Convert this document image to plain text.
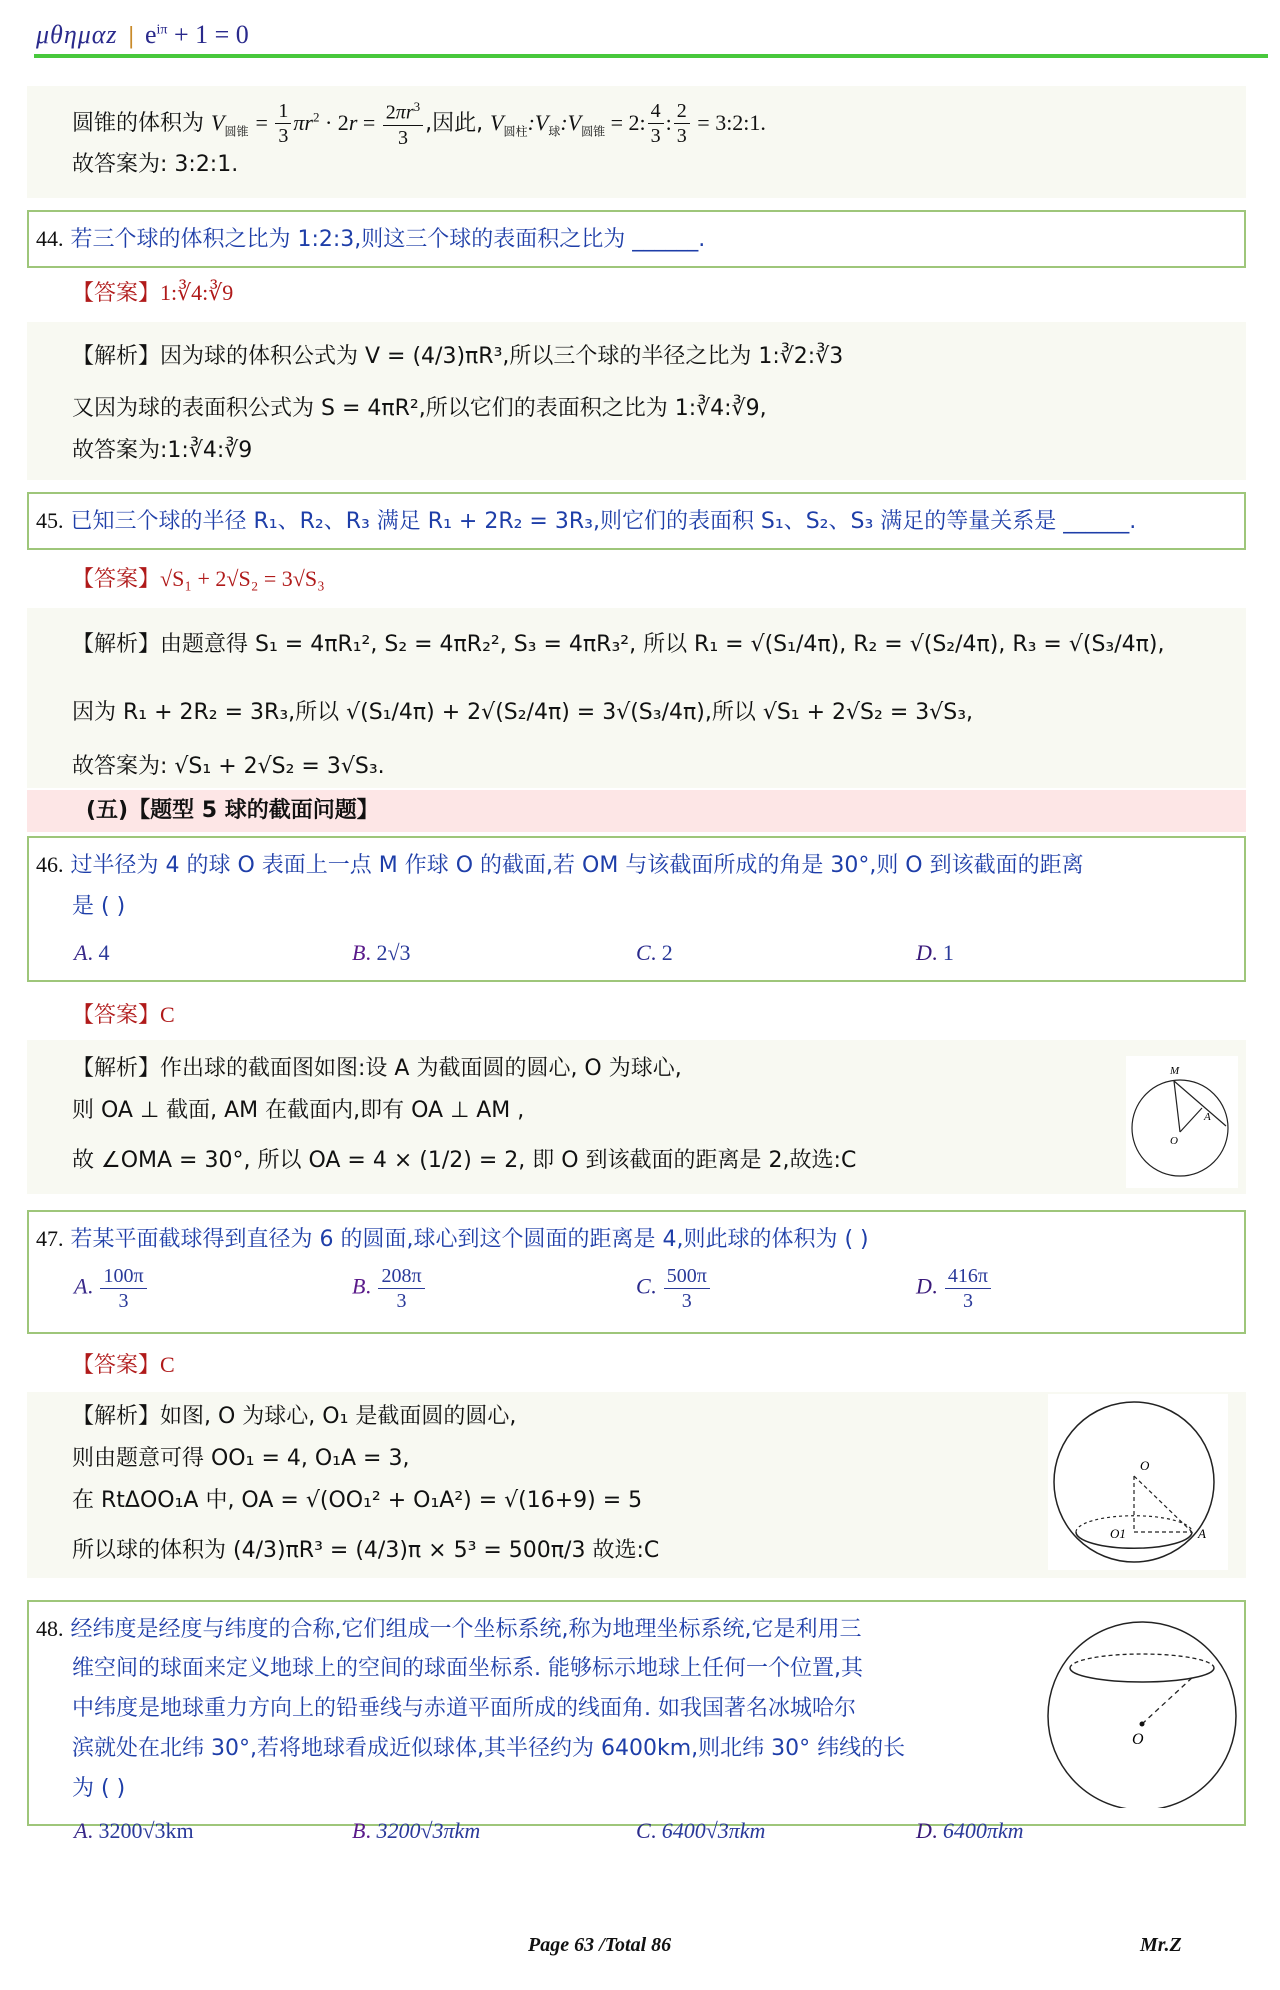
μθημαz | $e^{i\pi} + 1 = 0$
圆锥的体积为 $V_{圆锥} = \frac{1}{3} \pi r^2 \cdot 2r = \frac{2\pi r^3}{3}$ ,因此, $V_{圆柱}:V_球:V_{圆锥} = 2$: $\frac{4}{3}$ : $\frac{2}{3}$ = 3:2:1.
故答案为: 3:2:1.
44. 若三个球的体积之比为 1:2:3,则这三个球的表面积之比为 ______.
【答案】1:∛4:∛9
【解析】因为球的体积公式为 V = (4/3)πR³,所以三个球的半径之比为 1:∛2:∛3
又因为球的表面积公式为 S = 4πR²,所以它们的表面积之比为 1:∛4:∛9,
故答案为:1:∛4:∛9
45. 已知三个球的半径 R₁、R₂、R₃ 满足 R₁ + 2R₂ = 3R₃,则它们的表面积 S₁、S₂、S₃ 满足的等量关系是 ______.
【答案】√S₁ + 2√S₂ = 3√S₃
【解析】由题意得 S₁ = 4πR₁², S₂ = 4πR₂², S₃ = 4πR₃², 所以 R₁ = √(S₁/4π), R₂ = √(S₂/4π), R₃ = √(S₃/4π),
因为 R₁ + 2R₂ = 3R₃,所以 √(S₁/4π) + 2√(S₂/4π) = 3√(S₃/4π),所以 √S₁ + 2√S₂ = 3√S₃,
故答案为: √S₁ + 2√S₂ = 3√S₃.
(五)【题型 5 球的截面问题】
46. 过半径为 4 的球 O 表面上一点 M 作球 O 的截面,若 OM 与该截面所成的角是 30°,则 O 到该截面的距离
是 ( )
A. 4	B. 2√3	C. 2	D. 1
【答案】C
【解析】作出球的截面图如图:设 A 为截面圆的圆心, O 为球心,
则 OA ⊥ 截面, AM 在截面内,即有 OA ⊥ AM ,
故 ∠OMA = 30°, 所以 OA = 4 × (1/2) = 2, 即 O 到该截面的距离是 2,故选:C
M
A
O
47. 若某平面截球得到直径为 6 的圆面,球心到这个圆面的距离是 4,则此球的体积为 ( )
A. $\frac{100\pi}{3}$	B. $\frac{208\pi}{3}$	C. $\frac{500\pi}{3}$	D. $\frac{416\pi}{3}$
【答案】C
【解析】如图, O 为球心, O₁ 是截面圆的圆心,
则由题意可得 OO₁ = 4, O₁A = 3,
在 RtΔOO₁A 中, OA = √(OO₁² + O₁A²) = √(16+9) = 5
所以球的体积为 (4/3)πR³ = (4/3)π × 5³ = 500π/3 故选:C
O
O1	A
48. 经纬度是经度与纬度的合称,它们组成一个坐标系统,称为地理坐标系统,它是利用三
维空间的球面来定义地球上的空间的球面坐标系. 能够标示地球上任何一个位置,其
中纬度是地球重力方向上的铅垂线与赤道平面所成的线面角. 如我国著名冰城哈尔
滨就处在北纬 30°,若将地球看成近似球体,其半径约为 6400km,则北纬 30° 纬线的长
为 ( )
A. 3200√3km	B. 3200√3πkm	C. 6400√3πkm	D. 6400πkm
O
Page 63 /Total 86	Mr.Z
